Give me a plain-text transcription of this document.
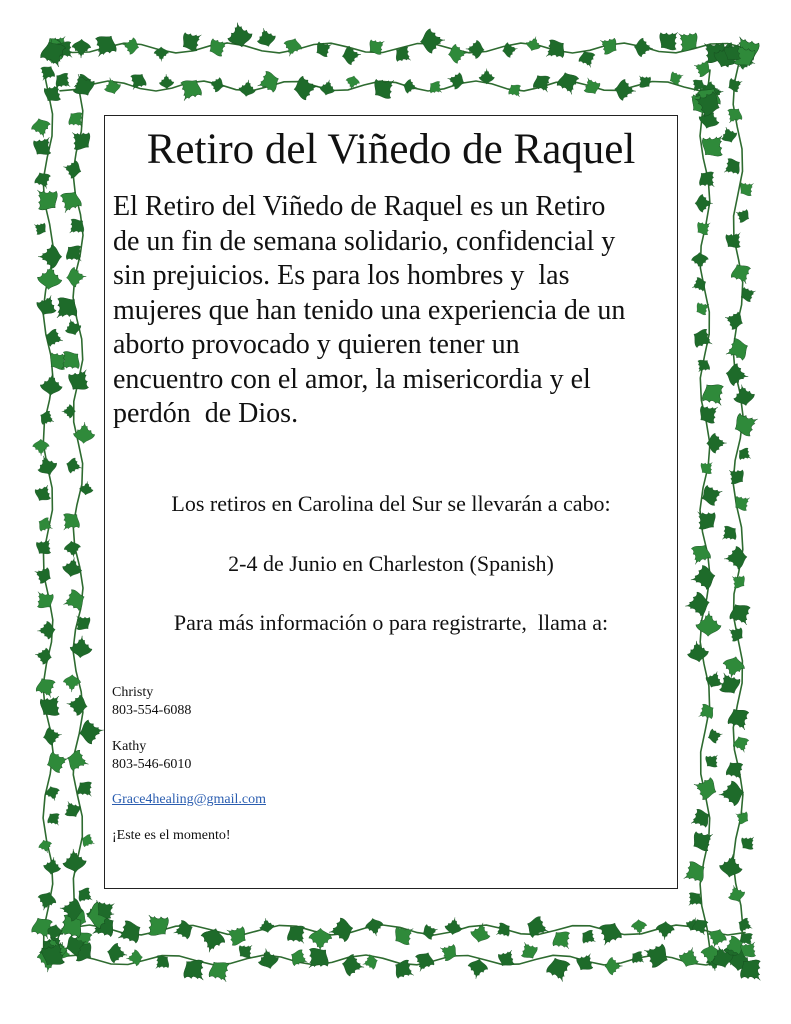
Retiro del Viñedo de Raquel
El Retiro del Viñedo de Raquel es un Retiro
de un fin de semana solidario, confidencial y
sin prejuicios. Es para los hombres y  las
mujeres que han tenido una experiencia de un
aborto provocado y quieren tener un
encuentro con el amor, la misericordia y el
perdón  de Dios.

Los retiros en Carolina del Sur se llevarán a cabo:

2-4 de Junio en Charleston (Spanish)

Para más información o para registrarte,  llama a:

Christy
803-554-6088
Kathy
803-546-6010
Grace4healing@gmail.com
¡Este es el momento!
